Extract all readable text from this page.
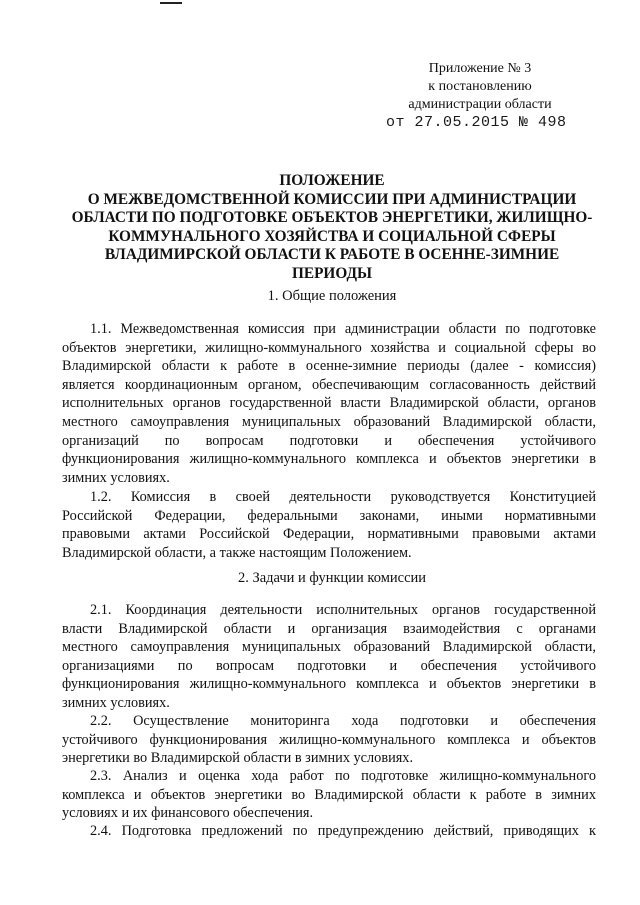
Приложение № 3
к постановлению
администрации области
от 27.05.2015 № 498
ПОЛОЖЕНИЕ
О МЕЖВЕДОМСТВЕННОЙ КОМИССИИ ПРИ АДМИНИСТРАЦИИ
ОБЛАСТИ ПО ПОДГОТОВКЕ ОБЪЕКТОВ ЭНЕРГЕТИКИ, ЖИЛИЩНО-
КОММУНАЛЬНОГО ХОЗЯЙСТВА И СОЦИАЛЬНОЙ СФЕРЫ
ВЛАДИМИРСКОЙ ОБЛАСТИ К РАБОТЕ В ОСЕННЕ-ЗИМНИЕ
ПЕРИОДЫ
1. Общие положения
1.1. Межведомственная комиссия при администрации области по подготовке
объектов энергетики, жилищно-коммунального хозяйства и социальной сферы во
Владимирской области к работе в осенне-зимние периоды (далее - комиссия)
является координационным органом, обеспечивающим согласованность действий
исполнительных органов государственной власти Владимирской области, органов
местного самоуправления муниципальных образований Владимирской области,
организаций по вопросам подготовки и обеспечения устойчивого
функционирования жилищно-коммунального комплекса и объектов энергетики в
зимних условиях.
1.2. Комиссия в своей деятельности руководствуется Конституцией
Российской Федерации, федеральными законами, иными нормативными
правовыми актами Российской Федерации, нормативными правовыми актами
Владимирской области, а также настоящим Положением.
2. Задачи и функции комиссии
2.1. Координация деятельности исполнительных органов государственной
власти Владимирской области и организация взаимодействия с органами
местного самоуправления муниципальных образований Владимирской области,
организациями по вопросам подготовки и обеспечения устойчивого
функционирования жилищно-коммунального комплекса и объектов энергетики в
зимних условиях.
2.2. Осуществление мониторинга хода подготовки и обеспечения
устойчивого функционирования жилищно-коммунального комплекса и объектов
энергетики во Владимирской области в зимних условиях.
2.3. Анализ и оценка хода работ по подготовке жилищно-коммунального
комплекса и объектов энергетики во Владимирской области к работе в зимних
условиях и их финансового обеспечения.
2.4. Подготовка предложений по предупреждению действий, приводящих к
